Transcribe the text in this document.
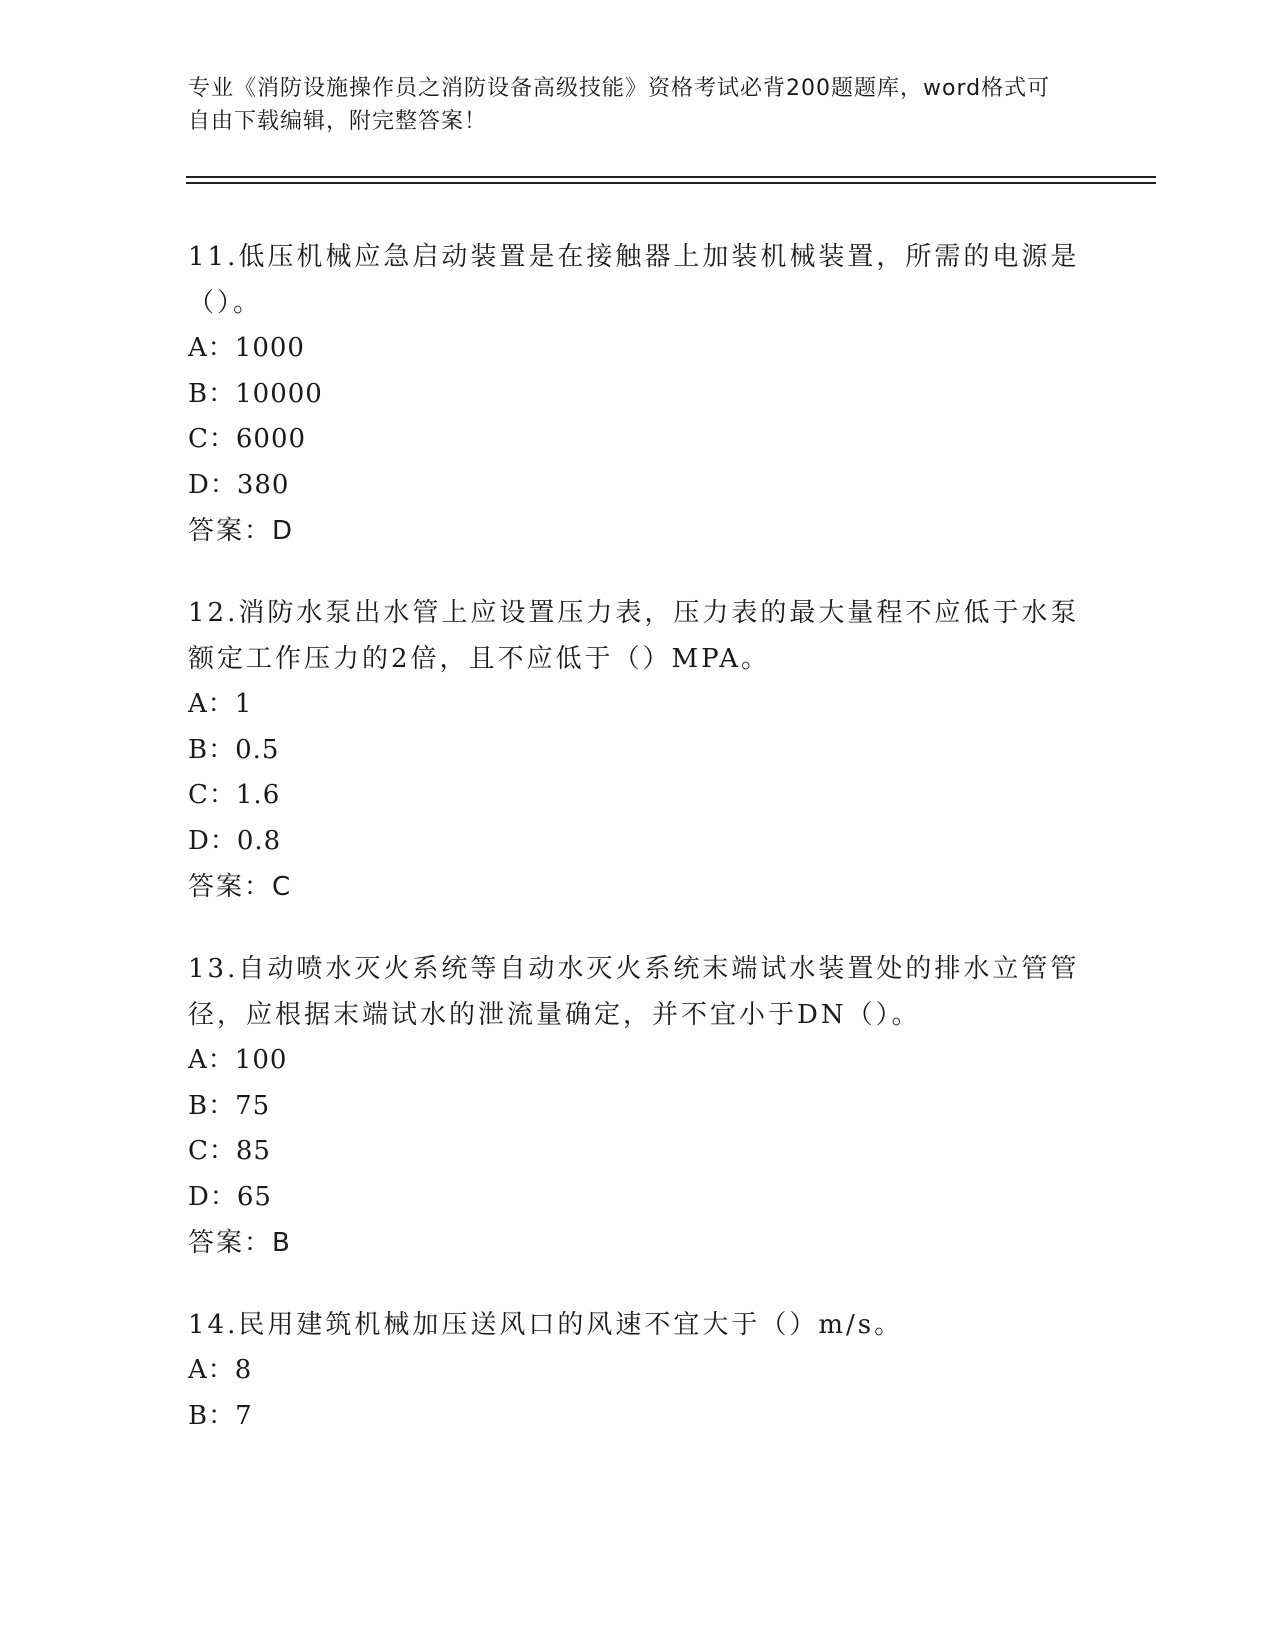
专业《消防设施操作员之消防设备高级技能》资格考试必背200题题库，word格式可自由下载编辑，附完整答案！

11.低压机械应急启动装置是在接触器上加装机械装置，所需的电源是（）。

A：1000

B：10000

C：6000

D：380

答案：D

12.消防水泵出水管上应设置压力表，压力表的最大量程不应低于水泵额定工作压力的2倍，且不应低于（）MPA。

A：1

B：0.5

C：1.6

D：0.8

答案：C

13.自动喷水灭火系统等自动水灭火系统末端试水装置处的排水立管管径，应根据末端试水的泄流量确定，并不宜小于DN（）。

A：100

B：75

C：85

D：65

答案：B

14.民用建筑机械加压送风口的风速不宜大于（）m/s。

A：8

B：7
